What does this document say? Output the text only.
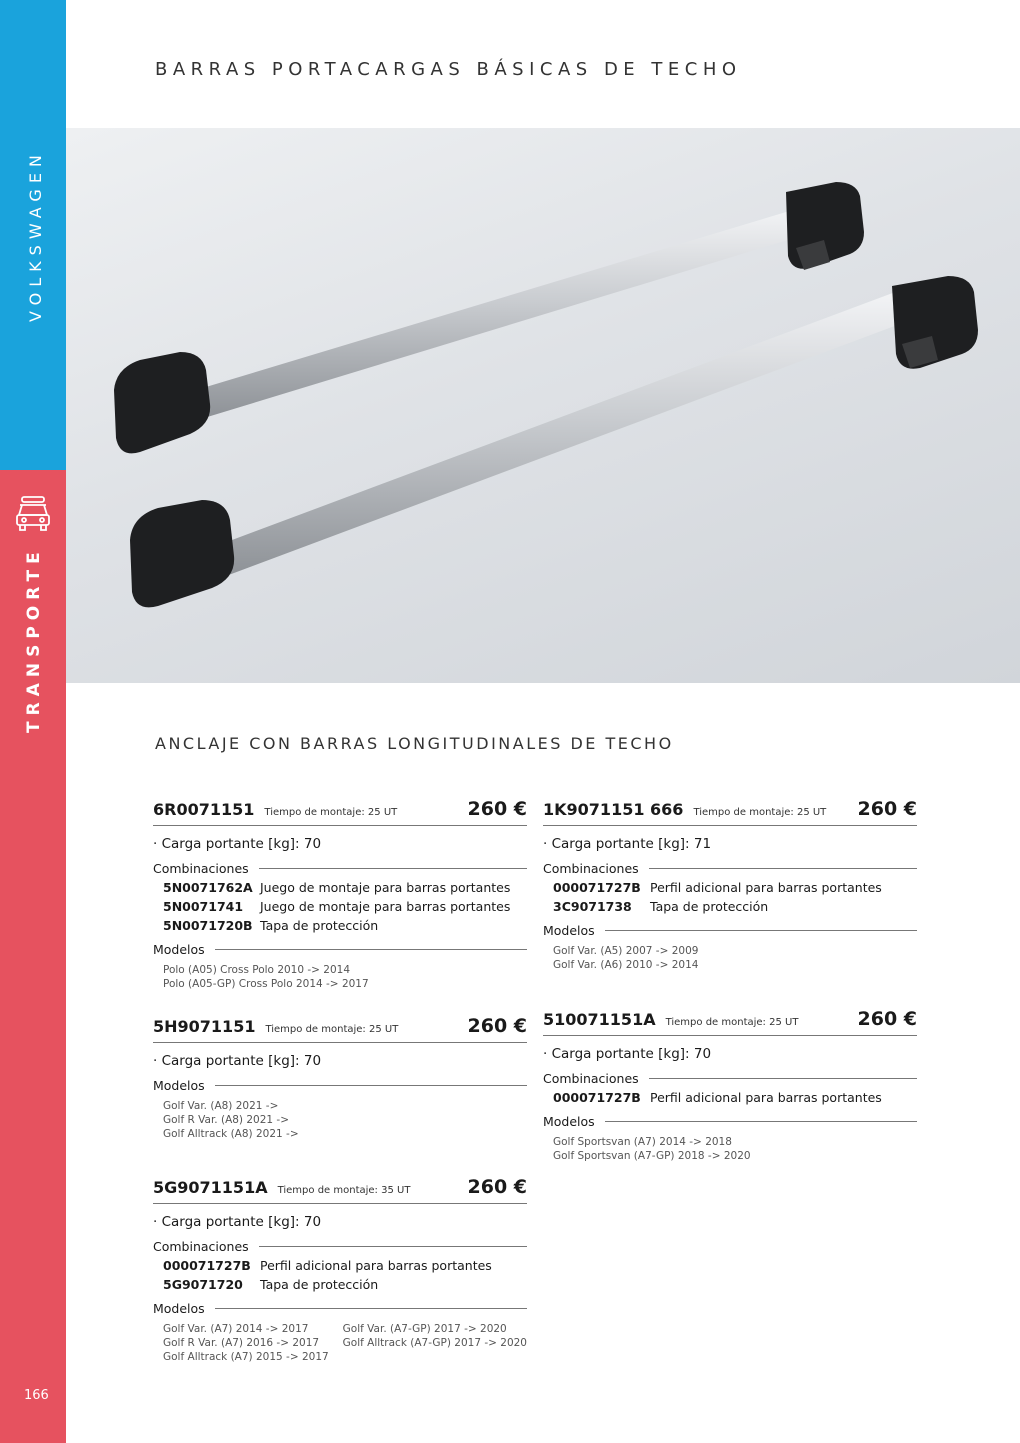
VOLKSWAGEN
TRANSPORTE
166
BARRAS PORTACARGAS BÁSICAS DE TECHO
ANCLAJE CON BARRAS LONGITUDINALES DE TECHO
6R0071151 Tiempo de montaje: 25 UT	260 €
· Carga portante [kg]: 70
Combinaciones
5N0071762A Juego de montaje para barras portantes
5N0071741	Juego de montaje para barras portantes
5N0071720B Tapa de protección
Modelos
Polo (A05) Cross Polo 2010 -> 2014
Polo (A05-GP) Cross Polo 2014 -> 2017
5H9071151 Tiempo de montaje: 25 UT	260 €
· Carga portante [kg]: 70
Modelos
Golf Var. (A8) 2021 ->
Golf R Var. (A8) 2021 ->
Golf Alltrack (A8) 2021 ->
5G9071151A Tiempo de montaje: 35 UT	260 €
· Carga portante [kg]: 70
Combinaciones
000071727B Perfil adicional para barras portantes
5G9071720	Tapa de protección
Modelos
Golf Var. (A7) 2014 -> 2017
Golf R Var. (A7) 2016 -> 2017
Golf Alltrack (A7) 2015 -> 2017
Golf Var. (A7-GP) 2017 -> 2020
Golf Alltrack (A7-GP) 2017 -> 2020
1K9071151 666 Tiempo de montaje: 25 UT 260 €
· Carga portante [kg]: 71
Combinaciones
000071727B Perfil adicional para barras portantes
3C9071738	Tapa de protección
Modelos
Golf Var. (A5) 2007 -> 2009
Golf Var. (A6) 2010 -> 2014
510071151A Tiempo de montaje: 25 UT	260 €
· Carga portante [kg]: 70
Combinaciones
000071727B Perfil adicional para barras portantes
Modelos
Golf Sportsvan (A7) 2014 -> 2018
Golf Sportsvan (A7-GP) 2018 -> 2020
